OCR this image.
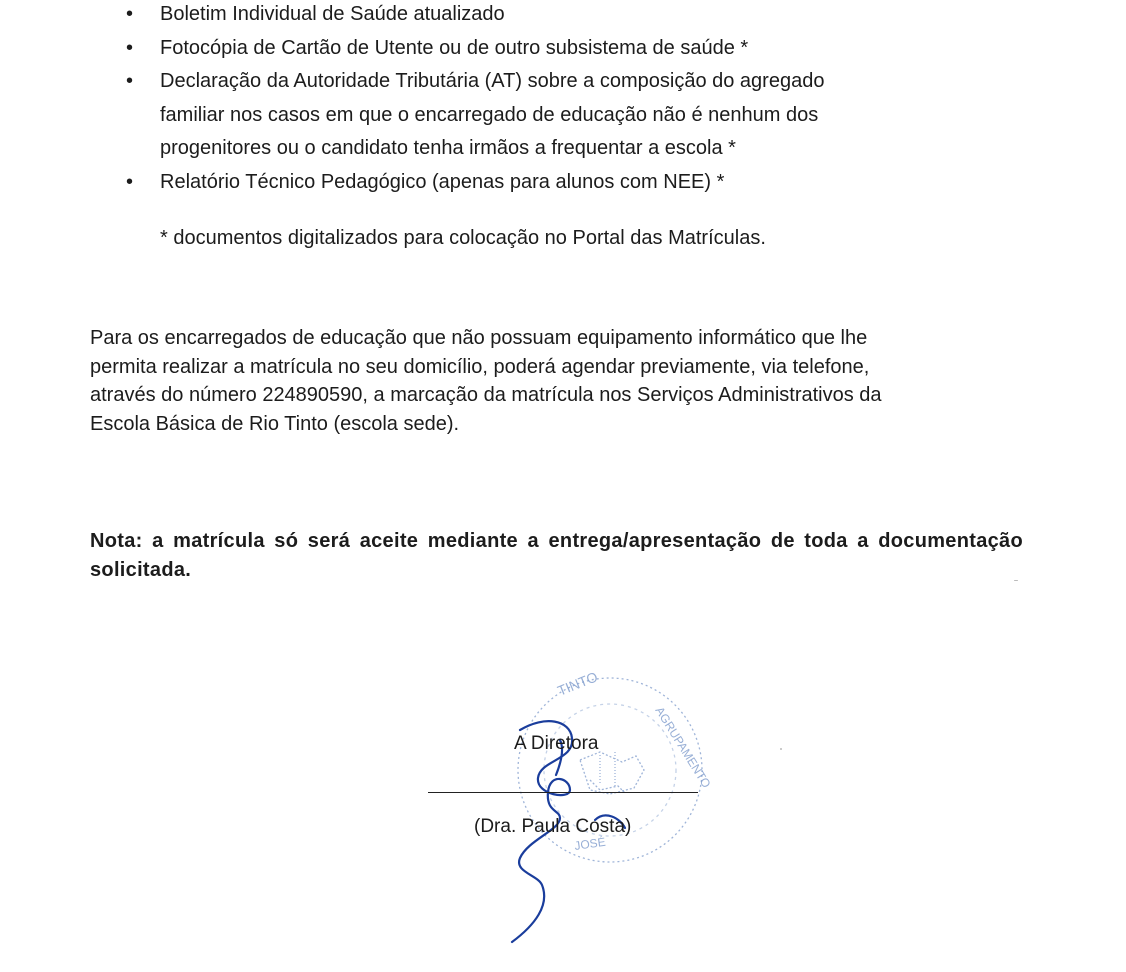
• Boletim Individual de Saúde atualizado
• Fotocópia de Cartão de Utente ou de outro subsistema de saúde *
• Declaração da Autoridade Tributária (AT) sobre a composição do agregado
familiar nos casos em que o encarregado de educação não é nenhum dos
progenitores ou o candidato tenha irmãos a frequentar a escola *
• Relatório Técnico Pedagógico (apenas para alunos com NEE) *
* documentos digitalizados para colocação no Portal das Matrículas.
Para os encarregados de educação que não possuam equipamento informático que lhe
permita realizar a matrícula no seu domicílio, poderá agendar previamente, via telefone,
através do número 224890590, a marcação da matrícula nos Serviços Administrativos da
Escola Básica de Rio Tinto (escola sede).
Nota: a matrícula só será aceite mediante a entrega/apresentação de toda a documentação solicitada.
TINTO
AGRUPAMENTO
JOSÉ
A Diretora
(Dra. Paula Costa)
